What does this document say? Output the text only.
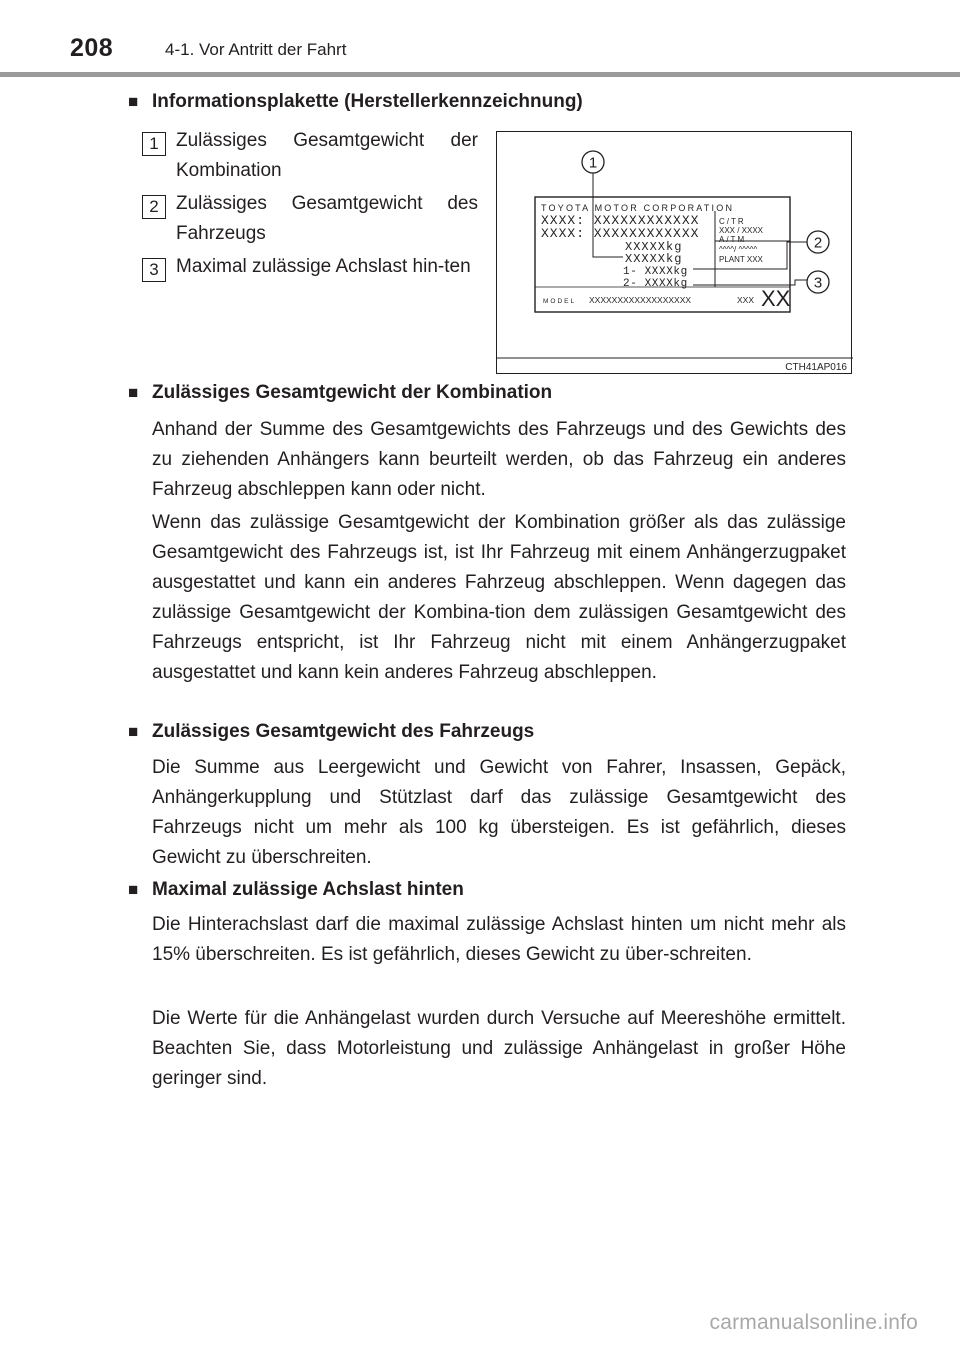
208	4-1. Vor Antritt der Fahrt
■ Informationsplakette (Herstellerkennzeichnung)
1 Zulässiges Gesamtgewicht der Kombination
2 Zulässiges Gesamtgewicht des Fahrzeugs
3 Maximal zulässige Achslast hin-ten
TOYOTA MOTOR CORPORATION
XXXX: XXXXXXXXXXXX
XXXX: XXXXXXXXXXXX
XXXXXkg
XXXXXkg
1- XXXXkg
2- XXXXkg
C/TR
XXX / XXXX
A/TM
^^^^/ ^^^^^
PLANT XXX
MODEL XXXXXXXXXXXXXXXXXX	XXX XX
1
2
3
CTH41AP016
■ Zulässiges Gesamtgewicht der Kombination
Anhand der Summe des Gesamtgewichts des Fahrzeugs und des Gewichts des zu ziehenden Anhängers kann beurteilt werden, ob das Fahrzeug ein anderes Fahrzeug abschleppen kann oder nicht.
Wenn das zulässige Gesamtgewicht der Kombination größer als das zulässige Gesamtgewicht des Fahrzeugs ist, ist Ihr Fahrzeug mit einem Anhängerzugpaket ausgestattet und kann ein anderes Fahrzeug abschleppen. Wenn dagegen das zulässige Gesamtgewicht der Kombina-tion dem zulässigen Gesamtgewicht des Fahrzeugs entspricht, ist Ihr Fahrzeug nicht mit einem Anhängerzugpaket ausgestattet und kann kein anderes Fahrzeug abschleppen.
■ Zulässiges Gesamtgewicht des Fahrzeugs
Die Summe aus Leergewicht und Gewicht von Fahrer, Insassen, Gepäck, Anhängerkupplung und Stützlast darf das zulässige Gesamtgewicht des Fahrzeugs nicht um mehr als 100 kg übersteigen. Es ist gefährlich, dieses Gewicht zu überschreiten.
■ Maximal zulässige Achslast hinten
Die Hinterachslast darf die maximal zulässige Achslast hinten um nicht mehr als 15% überschreiten. Es ist gefährlich, dieses Gewicht zu über-schreiten.
Die Werte für die Anhängelast wurden durch Versuche auf Meereshöhe ermittelt. Beachten Sie, dass Motorleistung und zulässige Anhängelast in großer Höhe geringer sind.
carmanualsonline.info
